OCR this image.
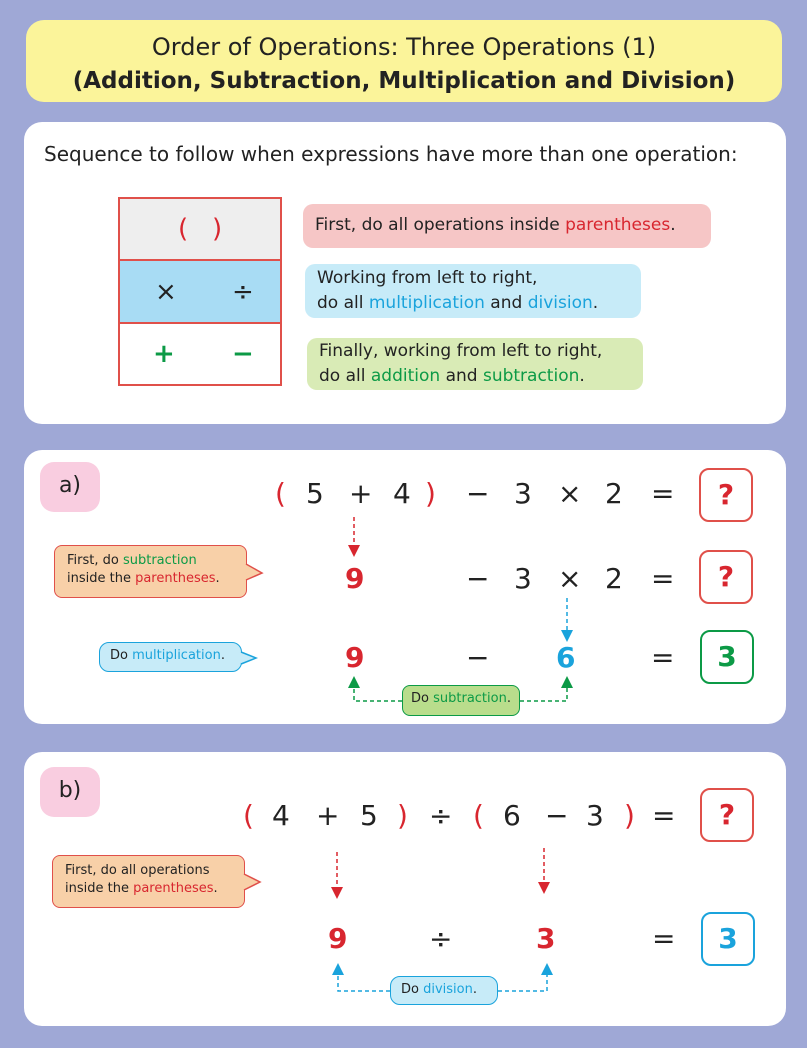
Order of Operations: Three Operations (1)
(Addition, Subtraction, Multiplication and Division)
Sequence to follow when expressions have more than one operation:
( )
× ÷
+ −
First, do all operations inside parentheses.
Working from left to right,
do all multiplication and division.
Finally, working from left to right,
do all addition and subtraction.
a)	( 5 + 4 ) − 3 × 2 =	?
9	− 3 × 2 =	?
9	− 6	=	3
First, do subtraction
inside the parentheses.
Do multiplication.
Do subtraction.
b)
( 4 + 5 ) ÷ ( 6 − 3 ) =	?
9	÷	3	=	3
First, do all operations
inside the parentheses.
Do division.
